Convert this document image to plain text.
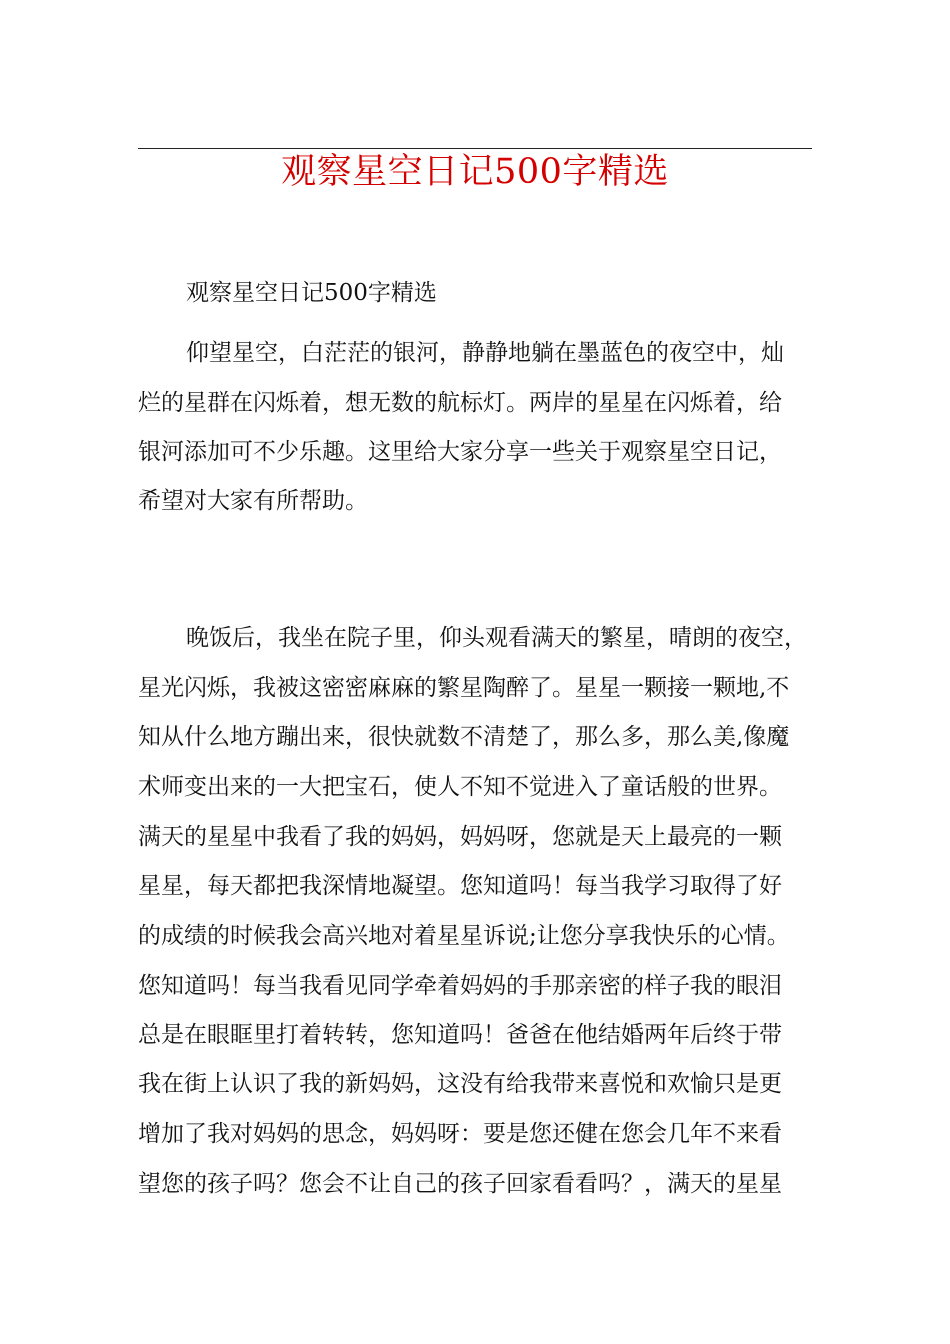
观察星空日记500字精选
观察星空日记500字精选
仰望星空，白茫茫的银河，静静地躺在墨蓝色的夜空中，灿
烂的星群在闪烁着，想无数的航标灯。两岸的星星在闪烁着，给
银河添加可不少乐趣。这里给大家分享一些关于观察星空日记，
希望对大家有所帮助。
晚饭后，我坐在院子里，仰头观看满天的繁星，晴朗的夜空，
星光闪烁，我被这密密麻麻的繁星陶醉了。星星一颗接一颗地,不
知从什么地方蹦出来，很快就数不清楚了，那么多，那么美,像魔
术师变出来的一大把宝石，使人不知不觉进入了童话般的世界。
满天的星星中我看了我的妈妈，妈妈呀，您就是天上最亮的一颗
星星，每天都把我深情地凝望。您知道吗！每当我学习取得了好
的成绩的时候我会高兴地对着星星诉说;让您分享我快乐的心情。
您知道吗！每当我看见同学牵着妈妈的手那亲密的样子我的眼泪
总是在眼眶里打着转转，您知道吗！爸爸在他结婚两年后终于带
我在街上认识了我的新妈妈，这没有给我带来喜悦和欢愉只是更
增加了我对妈妈的思念，妈妈呀：要是您还健在您会几年不来看
望您的孩子吗？您会不让自己的孩子回家看看吗？，满天的星星
